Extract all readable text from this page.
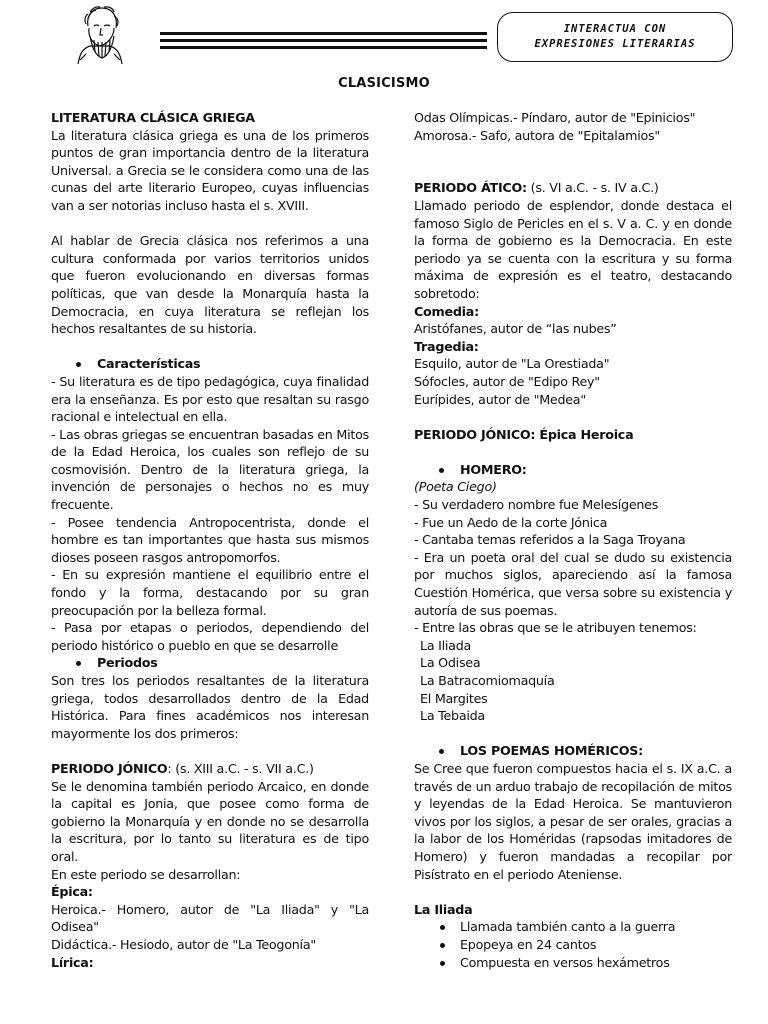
INTERACTUA CON
EXPRESIONES LITERARIAS
CLASICISMO

LITERATURA CLÁSICA GRIEGA

La literatura clásica griega es una de los primeros puntos de gran importancia dentro de la literatura Universal. a Grecia se le considera como una de las cunas del arte literario Europeo, cuyas influencias van a ser notorias incluso hasta el s. XVIII.

Al hablar de Grecia clásica nos referimos a una cultura conformada por varios territorios unidos que fueron evolucionando en diversas formas políticas, que van desde la Monarquía hasta la Democracia, en cuya literatura se reflejan los hechos resaltantes de su historia.

Características

- Su literatura es de tipo pedagógica, cuya finalidad era la enseñanza. Es por esto que resaltan su rasgo racional e intelectual en ella.

- Las obras griegas se encuentran basadas en Mitos de la Edad Heroica, los cuales son reflejo de su cosmovisión. Dentro de la literatura griega, la invención de personajes o hechos no es muy frecuente.

- Posee tendencia Antropocentrista, donde el hombre es tan importantes que hasta sus mismos dioses poseen rasgos antropomorfos.

- En su expresión mantiene el equilibrio entre el fondo y la forma, destacando por su gran preocupación por la belleza formal.

- Pasa por etapas o periodos, dependiendo del periodo histórico o pueblo en que se desarrolle

Periodos

Son tres los periodos resaltantes de la literatura griega, todos desarrollados dentro de la Edad Histórica. Para fines académicos nos interesan mayormente los dos primeros:

PERIODO JÓNICO: (s. XIII a.C. - s. VII a.C.)

Se le denomina también periodo Arcaico, en donde la capital es Jonia, que posee como forma de gobierno la Monarquía y en donde no se desarrolla la escritura, por lo tanto su literatura es de tipo oral.

En este periodo se desarrollan:

Épica:

Heroica.- Homero, autor de "La Iliada" y "La Odisea"

Didáctica.- Hesiodo, autor de "La Teogonía"

Lírica:

Odas Olímpicas.- Píndaro, autor de "Epinicios"

Amorosa.- Safo, autora de "Epitalamios"

PERIODO ÁTICO: (s. VI a.C. - s. IV a.C.)

Llamado periodo de esplendor, donde destaca el famoso Siglo de Pericles en el s. V a. C. y en donde la forma de gobierno es la Democracia. En este periodo ya se cuenta con la escritura y su forma máxima de expresión es el teatro, destacando sobretodo:

Comedia:

Aristófanes, autor de “las nubes”

Tragedia:

Esquilo, autor de "La Orestiada"

Sófocles, autor de "Edipo Rey"

Eurípides, autor de "Medea"

PERIODO JÓNICO: Épica Heroica

HOMERO:

(Poeta Ciego)

- Su verdadero nombre fue Melesígenes

- Fue un Aedo de la corte Jónica

- Cantaba temas referidos a la Saga Troyana

- Era un poeta oral del cual se dudo su existencia por muchos siglos, apareciendo así la famosa Cuestión Homérica, que versa sobre su existencia y autoría de sus poemas.

- Entre las obras que se le atribuyen tenemos:

La Iliada

La Odisea

La Batracomiomaquía

El Margites

La Tebaida

LOS POEMAS HOMÉRICOS:

Se Cree que fueron compuestos hacia el s. IX a.C. a través de un arduo trabajo de recopilación de mitos y leyendas de la Edad Heroica. Se mantuvieron vivos por los siglos, a pesar de ser orales, gracias a la labor de los Homéridas (rapsodas imitadores de Homero) y fueron mandadas a recopilar por Pisístrato en el periodo Ateniense.

La Iliada

Llamada también canto a la guerra

Epopeya en 24 cantos

Compuesta en versos hexámetros
